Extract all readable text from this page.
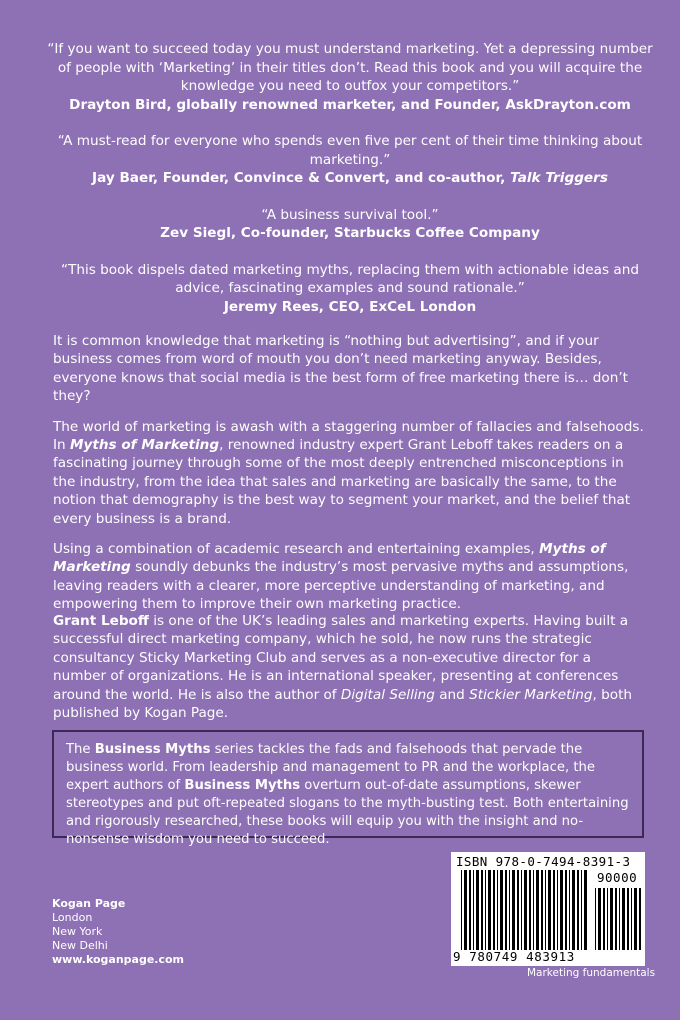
“If you want to succeed today you must understand marketing. Yet a depressing number of people with ‘Marketing’ in their titles don’t. Read this book and you will acquire the knowledge you need to outfox your competitors.”
Drayton Bird, globally renowned marketer, and Founder, AskDrayton.com
“A must-read for everyone who spends even five per cent of their time thinking about marketing.”
Jay Baer, Founder, Convince & Convert, and co-author, Talk Triggers
“A business survival tool.”
Zev Siegl, Co-founder, Starbucks Coffee Company
“This book dispels dated marketing myths, replacing them with actionable ideas and advice, fascinating examples and sound rationale.”
Jeremy Rees, CEO, ExCeL London

It is common knowledge that marketing is “nothing but advertising”, and if your business comes from word of mouth you don’t need marketing anyway. Besides, everyone knows that social media is the best form of free marketing there is… don’t they?

The world of marketing is awash with a staggering number of fallacies and falsehoods. In Myths of Marketing, renowned industry expert Grant Leboff takes readers on a fascinating journey through some of the most deeply entrenched misconceptions in the industry, from the idea that sales and marketing are basically the same, to the notion that demography is the best way to segment your market, and the belief that every business is a brand.

Using a combination of academic research and entertaining examples, Myths of Marketing soundly debunks the industry’s most pervasive myths and assumptions, leaving readers with a clearer, more perceptive understanding of marketing, and empowering them to improve their own marketing practice.

Grant Leboff is one of the UK’s leading sales and marketing experts. Having built a successful direct marketing company, which he sold, he now runs the strategic consultancy Sticky Marketing Club and serves as a non-executive director for a number of organizations. He is an international speaker, presenting at conferences around the world. He is also the author of Digital Selling and Stickier Marketing, both published by Kogan Page.

The Business Myths series tackles the fads and falsehoods that pervade the business world. From leadership and management to PR and the workplace, the expert authors of Business Myths overturn out-of-date assumptions, skewer stereotypes and put oft-repeated slogans to the myth-busting test. Both entertaining and rigorously researched, these books will equip you with the insight and no-nonsense wisdom you need to succeed.
Kogan Page
London
New York
New Delhi
www.koganpage.com
ISBN 978-0-7494-8391-3
90000
9 780749 483913
Marketing fundamentals
